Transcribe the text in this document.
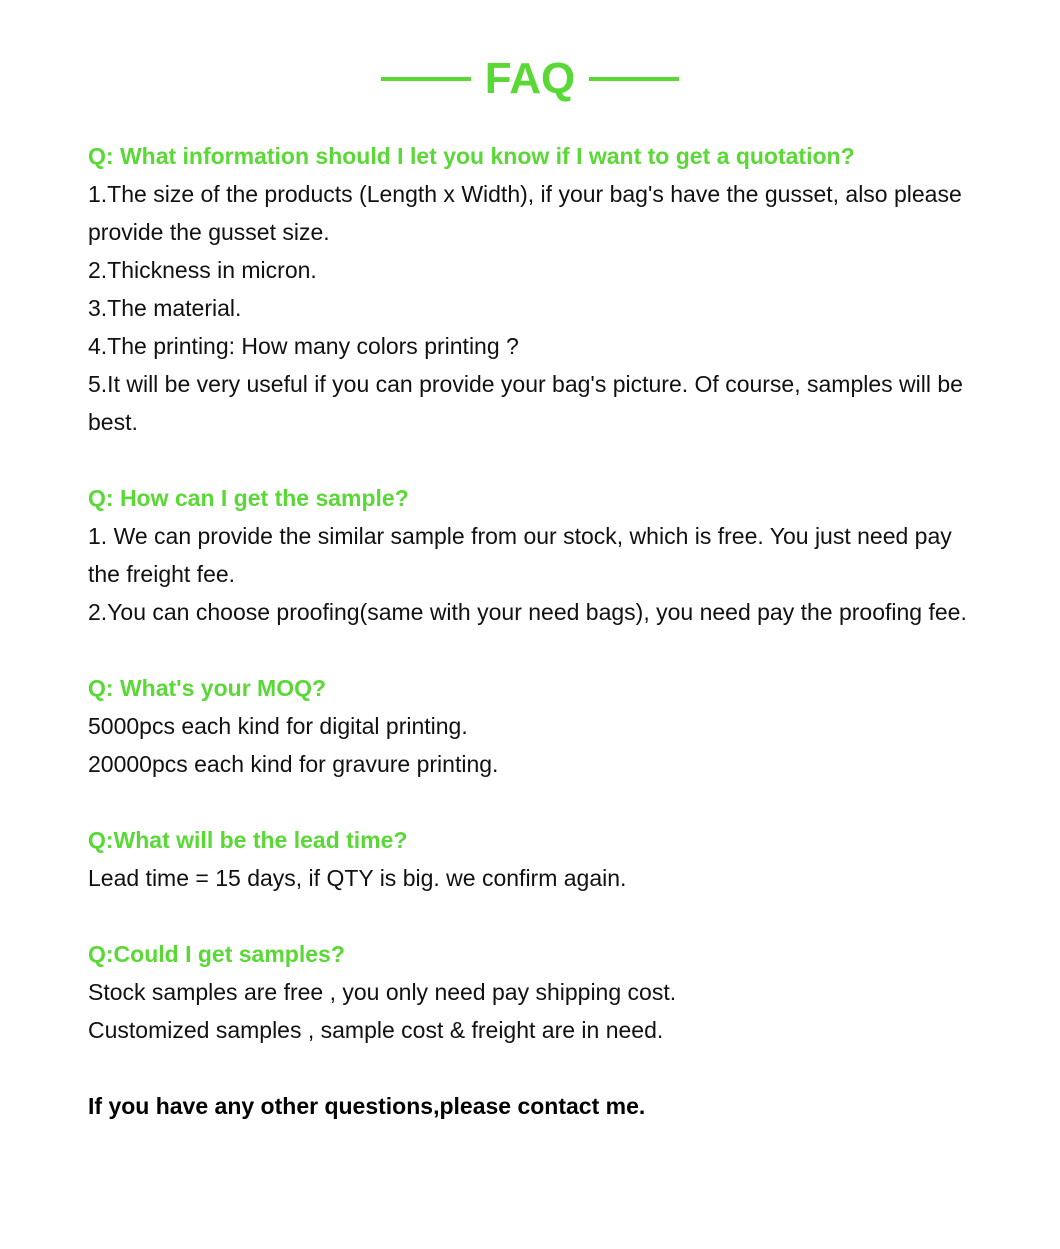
FAQ
Q: What information should I let you know if I want to get a quotation?
1.The size of the products (Length x Width), if your bag's have the gusset, also please provide the gusset size.
2.Thickness in micron.
3.The material.
4.The printing: How many colors printing ?
5.It will be very useful if you can provide your bag's picture. Of course, samples will be best.
Q: How can I get the sample?
1. We can provide the similar sample from our stock, which is free. You just need pay the freight fee.
2.You can choose proofing(same with your need bags), you need pay the proofing fee.
Q: What's your MOQ?
5000pcs each kind for digital printing.
20000pcs each kind for gravure printing.
Q:What will be the lead time?
Lead time = 15 days, if QTY is big. we confirm again.
Q:Could I get samples?
Stock samples are free , you only need pay shipping cost.
Customized samples , sample cost & freight are in need.
If you have any other questions,please contact me.
